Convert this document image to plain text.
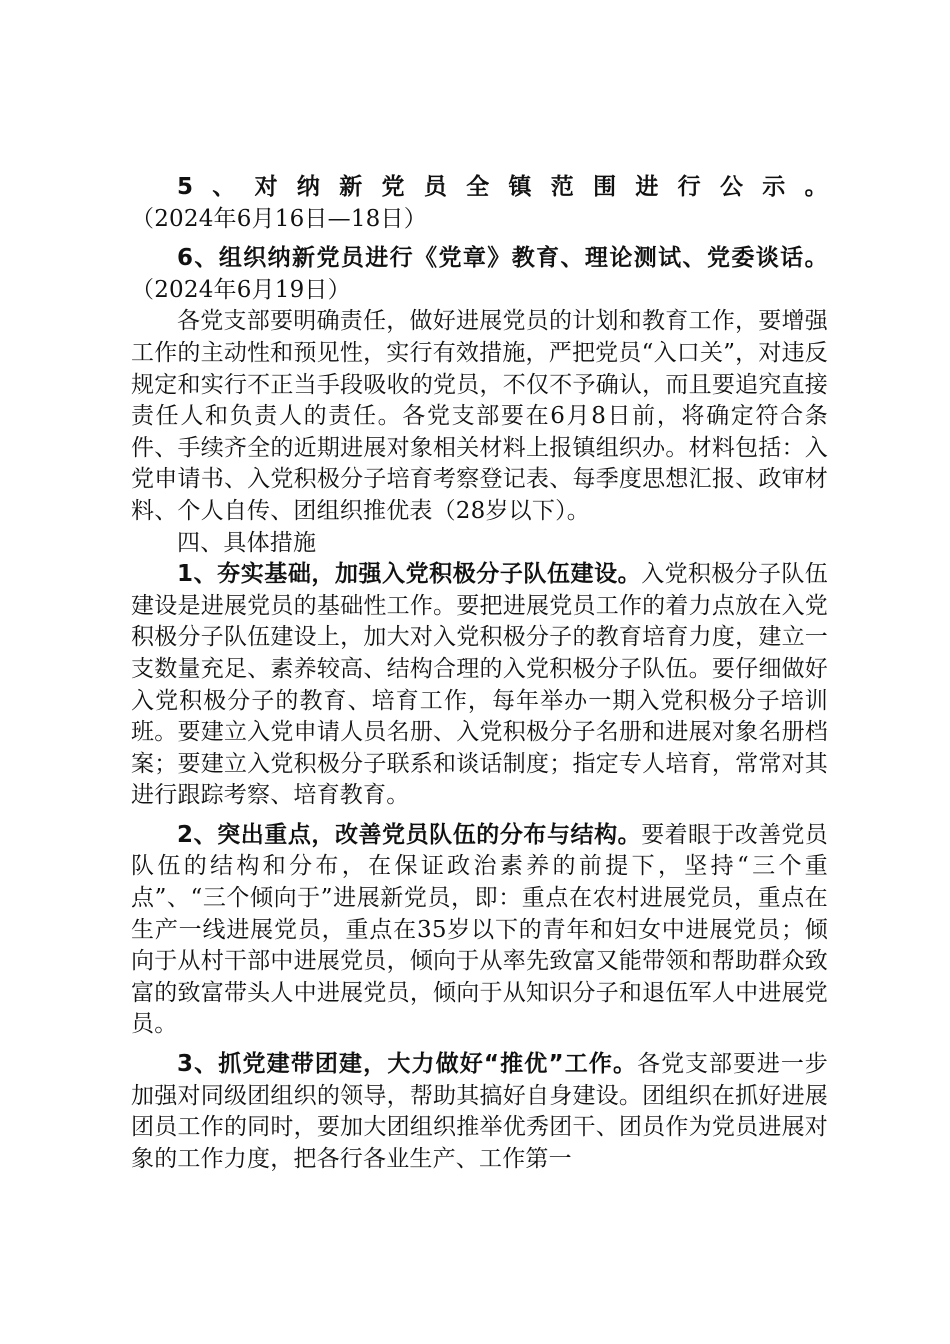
5、对纳新党员全镇范围进行公示。（2024年6月16日—18日）

6、组织纳新党员进行《党章》教育、理论测试、党委谈话。（2024年6月19日）

各党支部要明确责任，做好进展党员的计划和教育工作，要增强工作的主动性和预见性，实行有效措施，严把党员“入口关”，对违反规定和实行不正当手段吸收的党员，不仅不予确认，而且要追究直接责任人和负责人的责任。各党支部要在6月8日前，将确定符合条件、手续齐全的近期进展对象相关材料上报镇组织办。材料包括：入党申请书、入党积极分子培育考察登记表、每季度思想汇报、政审材料、个人自传、团组织推优表（28岁以下）。

四、具体措施

1、夯实基础，加强入党积极分子队伍建设。入党积极分子队伍建设是进展党员的基础性工作。要把进展党员工作的着力点放在入党积极分子队伍建设上，加大对入党积极分子的教育培育力度，建立一支数量充足、素养较高、结构合理的入党积极分子队伍。要仔细做好入党积极分子的教育、培育工作，每年举办一期入党积极分子培训班。要建立入党申请人员名册、入党积极分子名册和进展对象名册档案；要建立入党积极分子联系和谈话制度；指定专人培育，常常对其进行跟踪考察、培育教育。

2、突出重点，改善党员队伍的分布与结构。要着眼于改善党员队伍的结构和分布，在保证政治素养的前提下，坚持“三个重点”、“三个倾向于”进展新党员，即：重点在农村进展党员，重点在生产一线进展党员，重点在35岁以下的青年和妇女中进展党员；倾向于从村干部中进展党员，倾向于从率先致富又能带领和帮助群众致富的致富带头人中进展党员，倾向于从知识分子和退伍军人中进展党员。

3、抓党建带团建，大力做好“推优”工作。各党支部要进一步加强对同级团组织的领导，帮助其搞好自身建设。团组织在抓好进展团员工作的同时，要加大团组织推举优秀团干、团员作为党员进展对象的工作力度，把各行各业生产、工作第一
